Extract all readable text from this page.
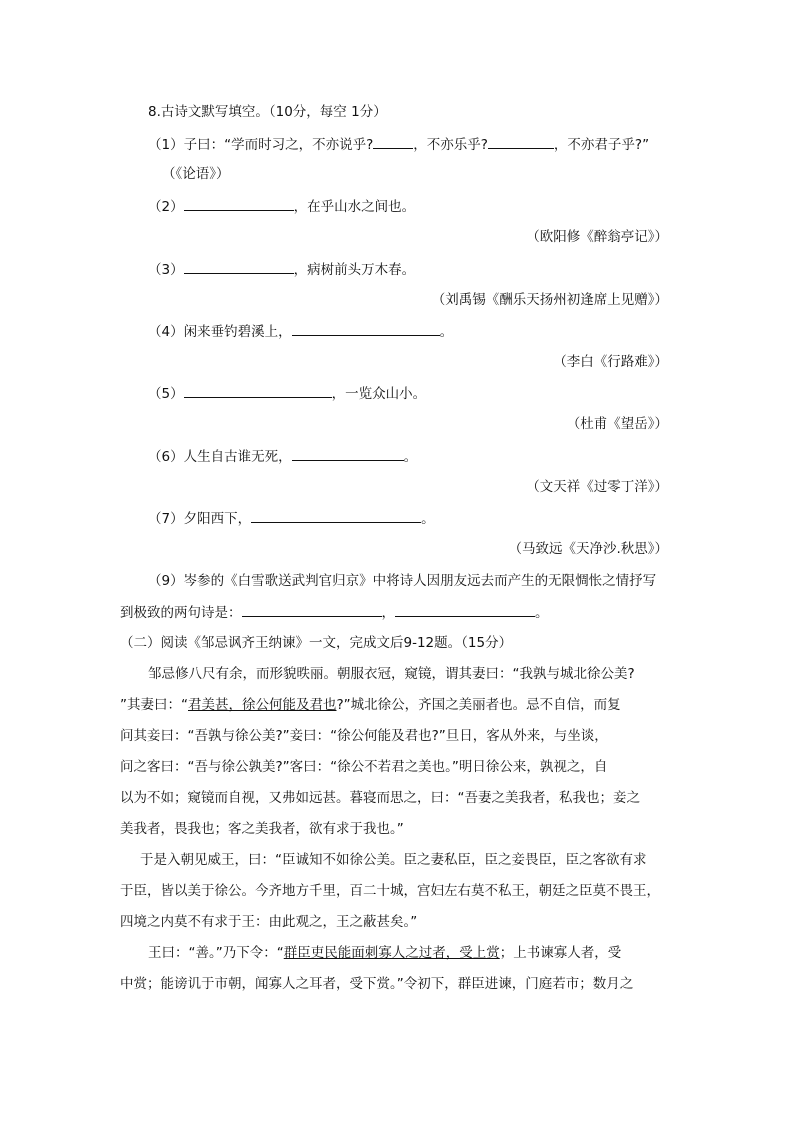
8.古诗文默写填空。（10分，每空 1分）
（1）子曰：“学而时习之，不亦说乎?	，不亦乐乎?	，不亦君子乎?”
（《论语》）
（2）	，在乎山水之间也。
（欧阳修《醉翁亭记》）
（3）	，病树前头万木春。
（刘禹锡《酬乐天扬州初逢席上见赠》）
（4）闲来垂钓碧溪上，	。
（李白《行路难》）
（5）	，一览众山小。
（杜甫《望岳》）
（6）人生自古谁无死，	。
（文天祥《过零丁洋》）
（7）夕阳西下，	。
（马致远《天净沙.秋思》）
（9）岑参的《白雪歌送武判官归京》中将诗人因朋友远去而产生的无限惆怅之情抒写
到极致的两句诗是：	，	。
（二）阅读《邹忌讽齐王纳谏》一文，完成文后9-12题。（15分）
邹忌修八尺有余，而形貌昳丽。朝服衣冠，窥镜，谓其妻曰：“我孰与城北徐公美?
”其妻曰：“君美甚，徐公何能及君也?”城北徐公，齐国之美丽者也。忌不自信，而复
问其妾曰：“吾孰与徐公美?”妾曰：“徐公何能及君也?”旦日，客从外来，与坐谈，
问之客曰：“吾与徐公孰美?”客曰：“徐公不若君之美也。”明日徐公来，孰视之，自
以为不如；窥镜而自视，又弗如远甚。暮寝而思之，曰：“吾妻之美我者，私我也；妾之
美我者，畏我也；客之美我者，欲有求于我也。”
于是入朝见威王，曰：“臣诚知不如徐公美。臣之妻私臣，臣之妾畏臣，臣之客欲有求
于臣，皆以美于徐公。今齐地方千里，百二十城，宫妇左右莫不私王，朝廷之臣莫不畏王，
四境之内莫不有求于王：由此观之，王之蔽甚矣。”
王曰：“善。”乃下令：“群臣吏民能面刺寡人之过者，受上赏；上书谏寡人者，受
中赏；能谤讥于市朝，闻寡人之耳者，受下赏。”令初下，群臣进谏，门庭若市；数月之
